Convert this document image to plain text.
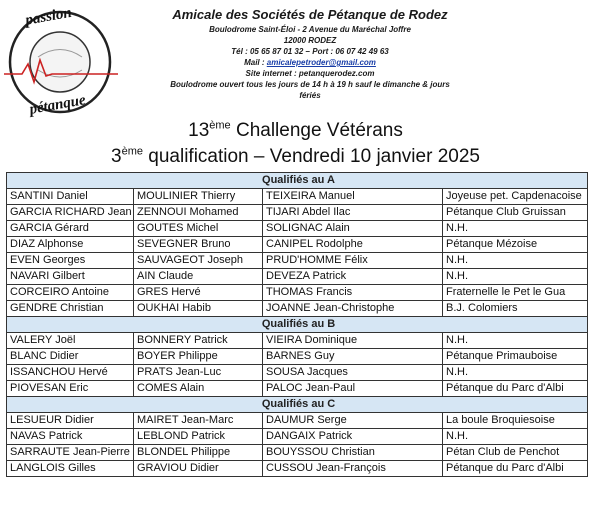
passion
pétanque
Amicale des Sociétés de Pétanque de Rodez
Boulodrome Saint-Éloi - 2 Avenue du Maréchal Joffre
12000 RODEZ
Tél : 05 65 87 01 32 – Port : 06 07 42 49 63
Mail : amicalepetroder@gmail.com
Site internet : petanquerodez.com
Boulodrome ouvert tous les jours de 14 h à 19 h sauf le dimanche & jours fériés
13ème Challenge Vétérans
3ème qualification – Vendredi 10 janvier 2025
Qualifiés au A			
SANTINI Daniel	MOULINIER Thierry	TEIXEIRA Manuel	Joyeuse pet. Capdenacoise
GARCIA RICHARD Jean	ZENNOUI Mohamed	TIJARI Abdel Ilac	Pétanque Club Gruissan
GARCIA Gérard	GOUTES Michel	SOLIGNAC Alain	N.H.
DIAZ Alphonse	SEVEGNER Bruno	CANIPEL Rodolphe	Pétanque Mézoise
EVEN Georges	SAUVAGEOT Joseph	PRUD'HOMME Félix	N.H.
NAVARI Gilbert	AIN Claude	DEVEZA Patrick	N.H.
CORCEIRO Antoine	GRES Hervé	THOMAS Francis	Fraternelle le Pet le Gua
GENDRE Christian	OUKHAI Habib	JOANNE Jean-Christophe	B.J. Colomiers
Qualifiés au B			
VALERY Joël	BONNERY Patrick	VIEIRA Dominique	N.H.
BLANC Didier	BOYER Philippe	BARNES Guy	Pétanque Primauboise
ISSANCHOU Hervé	PRATS Jean-Luc	SOUSA Jacques	N.H.
PIOVESAN Eric	COMES Alain	PALOC Jean-Paul	Pétanque du Parc d'Albi
Qualifiés au C			
LESUEUR Didier	MAIRET Jean-Marc	DAUMUR Serge	La boule Broquiesoise
NAVAS Patrick	LEBLOND Patrick	DANGAIX Patrick	N.H.
SARRAUTE Jean-Pierre	BLONDEL Philippe	BOUYSSOU Christian	Pétan Club de Penchot
LANGLOIS Gilles	GRAVIOU Didier	CUSSOU Jean-François	Pétanque du Parc d'Albi
